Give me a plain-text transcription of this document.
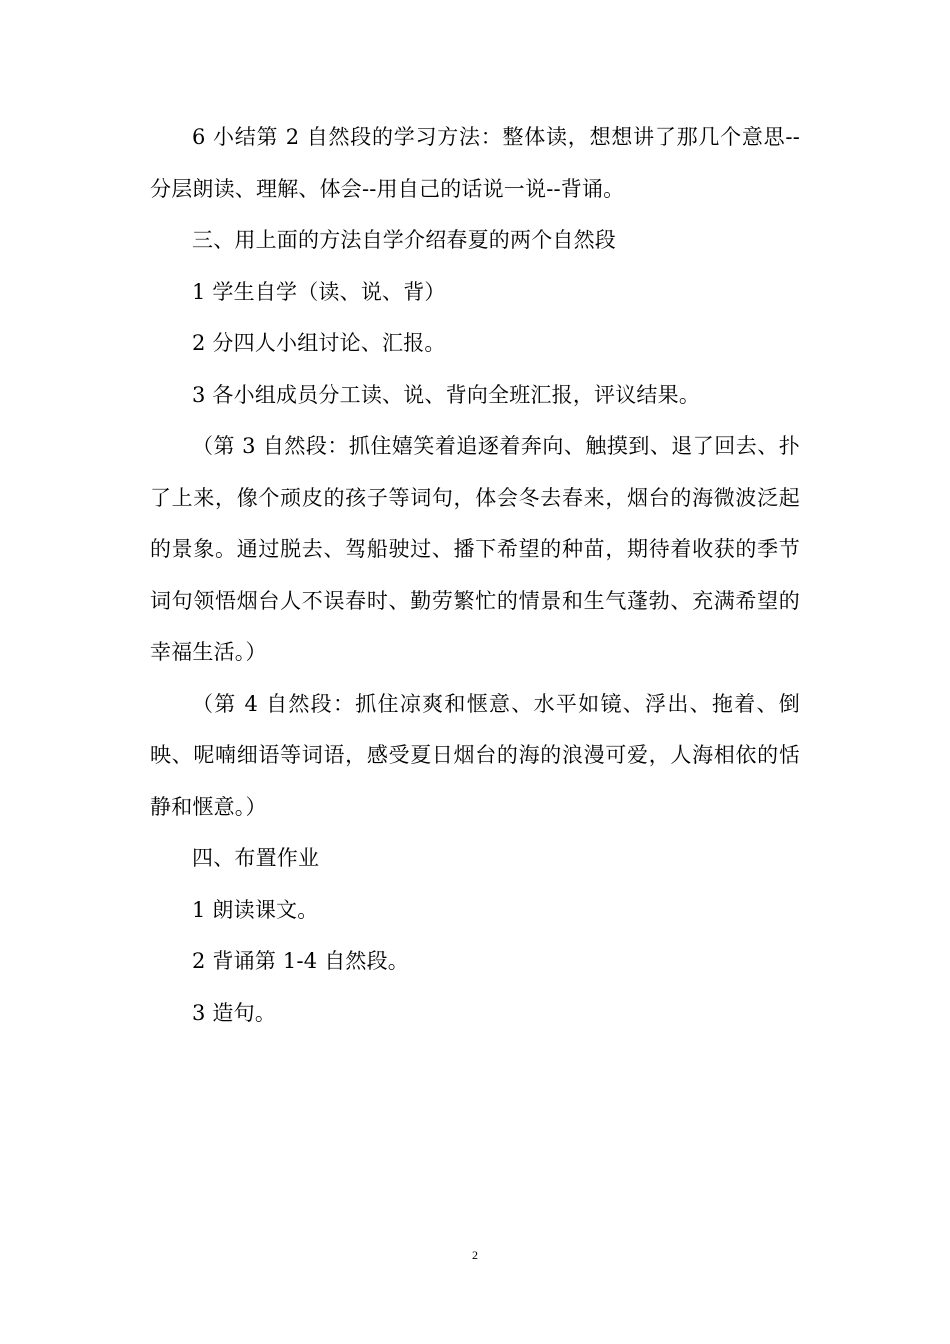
6 小结第 2 自然段的学习方法：整体读，想想讲了那几个意思--分层朗读、理解、体会--用自己的话说一说--背诵。

三、用上面的方法自学介绍春夏的两个自然段

1 学生自学（读、说、背）

2 分四人小组讨论、汇报。

3 各小组成员分工读、说、背向全班汇报，评议结果。

（第 3 自然段：抓住嬉笑着追逐着奔向、触摸到、退了回去、扑了上来，像个顽皮的孩子等词句，体会冬去春来，烟台的海微波泛起的景象。通过脱去、驾船驶过、播下希望的种苗，期待着收获的季节词句领悟烟台人不误春时、勤劳繁忙的情景和生气蓬勃、充满希望的幸福生活。）

（第 4 自然段：抓住凉爽和惬意、水平如镜、浮出、拖着、倒映、呢喃细语等词语，感受夏日烟台的海的浪漫可爱，人海相依的恬静和惬意。）

四、布置作业

1 朗读课文。

2 背诵第 1-4 自然段。

3 造句。

2
